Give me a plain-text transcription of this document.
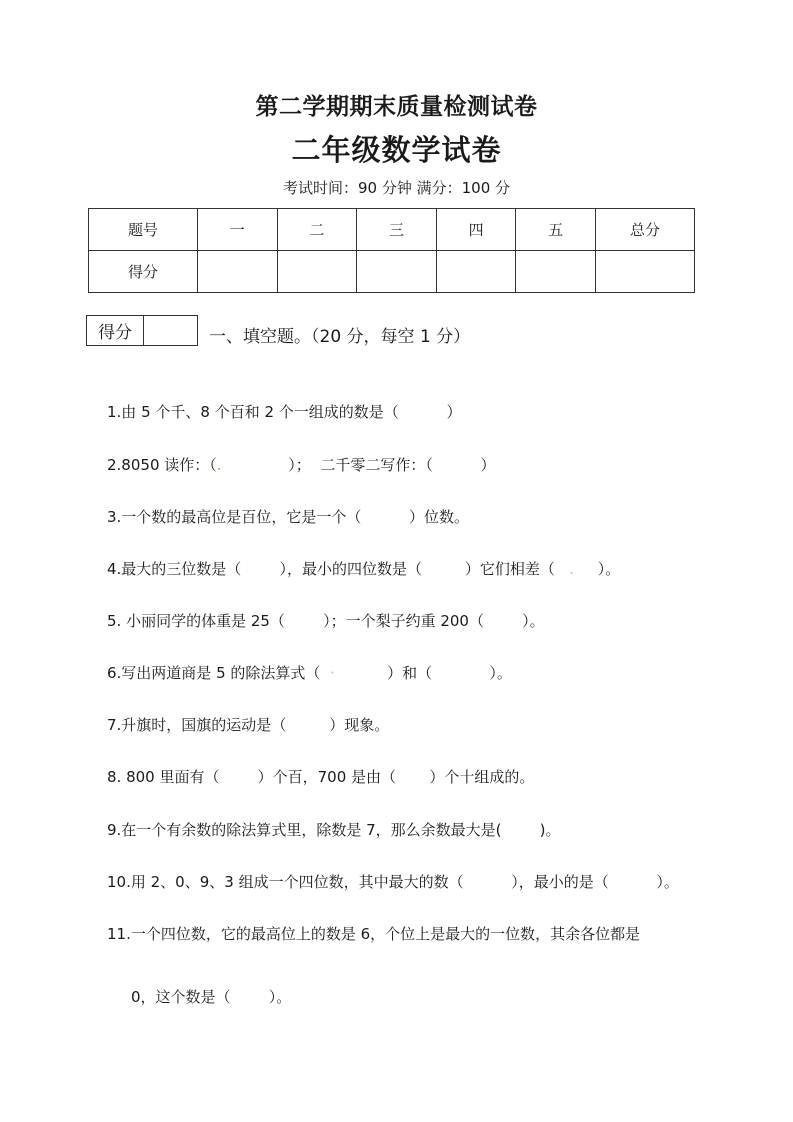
第二学期期末质量检测试卷
二年级数学试卷
考试时间：90 分钟 满分：100 分
题号	一	二	三	四	五	总分
得分						
得分	一、填空题。（20 分，每空 1 分）
1.由 5 个千、8 个百和 2 个一组成的数是（          ）
2.8050 读作：（.              ）；  二千零二写作：（          ）
3.一个数的最高位是百位，它是一个（          ）位数。
4.最大的三位数是（        ），最小的四位数是（         ）它们相差（   .     ）。
5. 小丽同学的体重是 25（        ）；一个梨子约重 200（        ）。
6.写出两道商是 5 的除法算式（  ·           ）和（            ）。
7.升旗时，国旗的运动是（         ）现象。
8. 800 里面有（        ）个百，700 是由（       ）个十组成的。
9.在一个有余数的除法算式里，除数是 7，那么余数最大是(        )。
10.用 2、0、9、3 组成一个四位数，其中最大的数（          ），最小的是（          ）。
11.一个四位数，它的最高位上的数是 6，个位上是最大的一位数，其余各位都是
0，这个数是（        ）。
